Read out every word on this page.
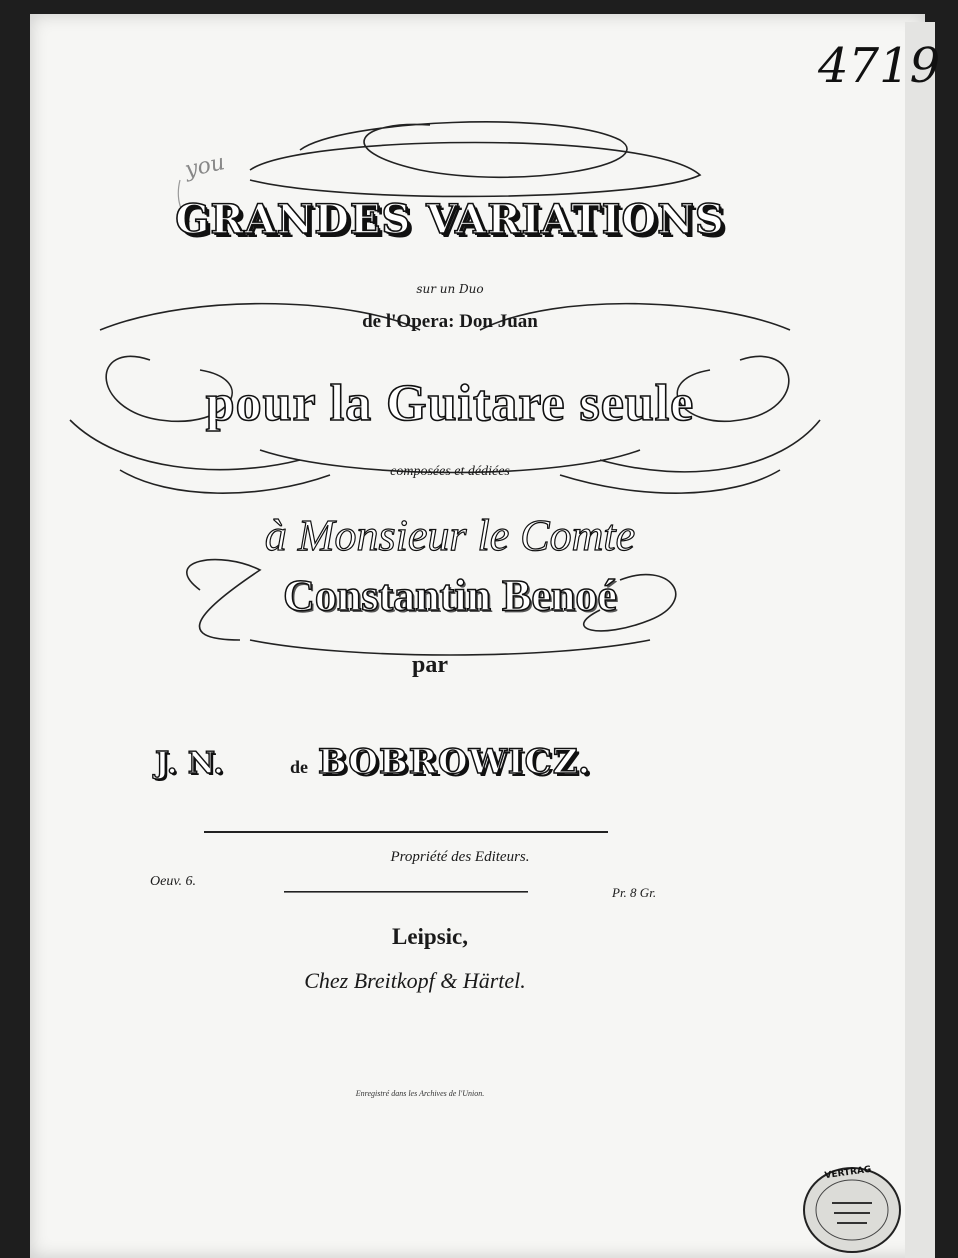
GRANDES VARIATIONS
sur un Duo
de l'Opera: Don Juan
pour la Guitare seule
composées et dédiées
à Monsieur le Comte
Constantin Benoé
par
J. N.	de BOBROWICZ.
Propriété des Editeurs.
Oeuv. 6.
Pr. 8 Gr.
Leipsic,
Chez Breitkopf & Härtel.
Enregistré dans les Archives de l'Union.
4719
you
VERTRAG
